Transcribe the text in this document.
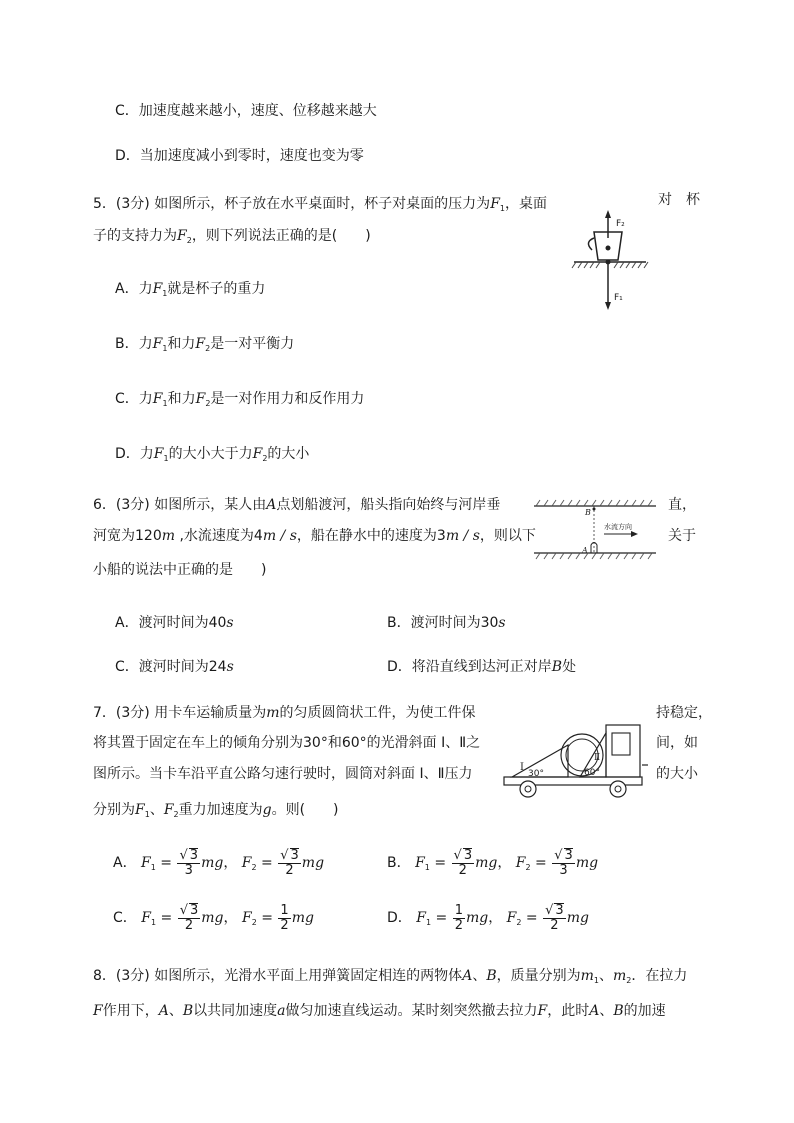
C．加速度越来越小，速度、位移越来越大
D．当加速度减小到零时，速度也变为零
5．(3分) 如图所示，杯子放在水平桌面时，杯子对桌面的压力为$F_1$，桌面	对　杯
子的支持力为$F_2$，则下列说法正确的是(　　)
F₂
F₁
A．力$F_1$就是杯子的重力
B．力$F_1$和力$F_2$是一对平衡力
C．力$F_1$和力$F_2$是一对作用力和反作用力
D．力$F_1$的大小大于力$F_2$的大小
6．(3分) 如图所示，某人由A点划船渡河，船头指向始终与河岸垂	直，
河宽为120m ,水流速度为4m / s，船在静水中的速度为3m / s，则以下	关于
小船的说法中正确的是　　)
B
A
水流方向
A．渡河时间为40s	B．渡河时间为30s
C．渡河时间为24s	D．将沿直线到达河正对岸B处
7．(3分) 用卡车运输质量为m的匀质圆筒状工件，为使工件保	持稳定，
将其置于固定在车上的倾角分别为30°和60°的光滑斜面 Ⅰ、Ⅱ之	间，如
图所示。当卡车沿平直公路匀速行驶时，圆筒对斜面 Ⅰ、Ⅱ压力	的大小
分别为$F_1$、$F_2$重力加速度为g。则(　　)
Ⅰ
Ⅱ
30°	60°
A． $F_1 = \frac{√ 3}{3}$ mg， $F_2 = \frac{√ 3}{2}$ mg	B． $F_1 = \frac{√ 3}{2}$ mg， $F_2 = \frac{√ 3}{3}$ mg
C． $F_1 = \frac{√ 3}{2}$ mg， $F_2 = \frac{1}{2}$ mg	D． $F_1 = \frac{1}{2}$ mg， $F_2 = \frac{√ 3}{2}$ mg
8．(3分) 如图所示，光滑水平面上用弹簧固定相连的两物体A、B，质量分别为$m_1$、$m_2$．在拉力
F作用下，A、B以共同加速度a做匀加速直线运动。某时刻突然撤去拉力F，此时A、B的加速
